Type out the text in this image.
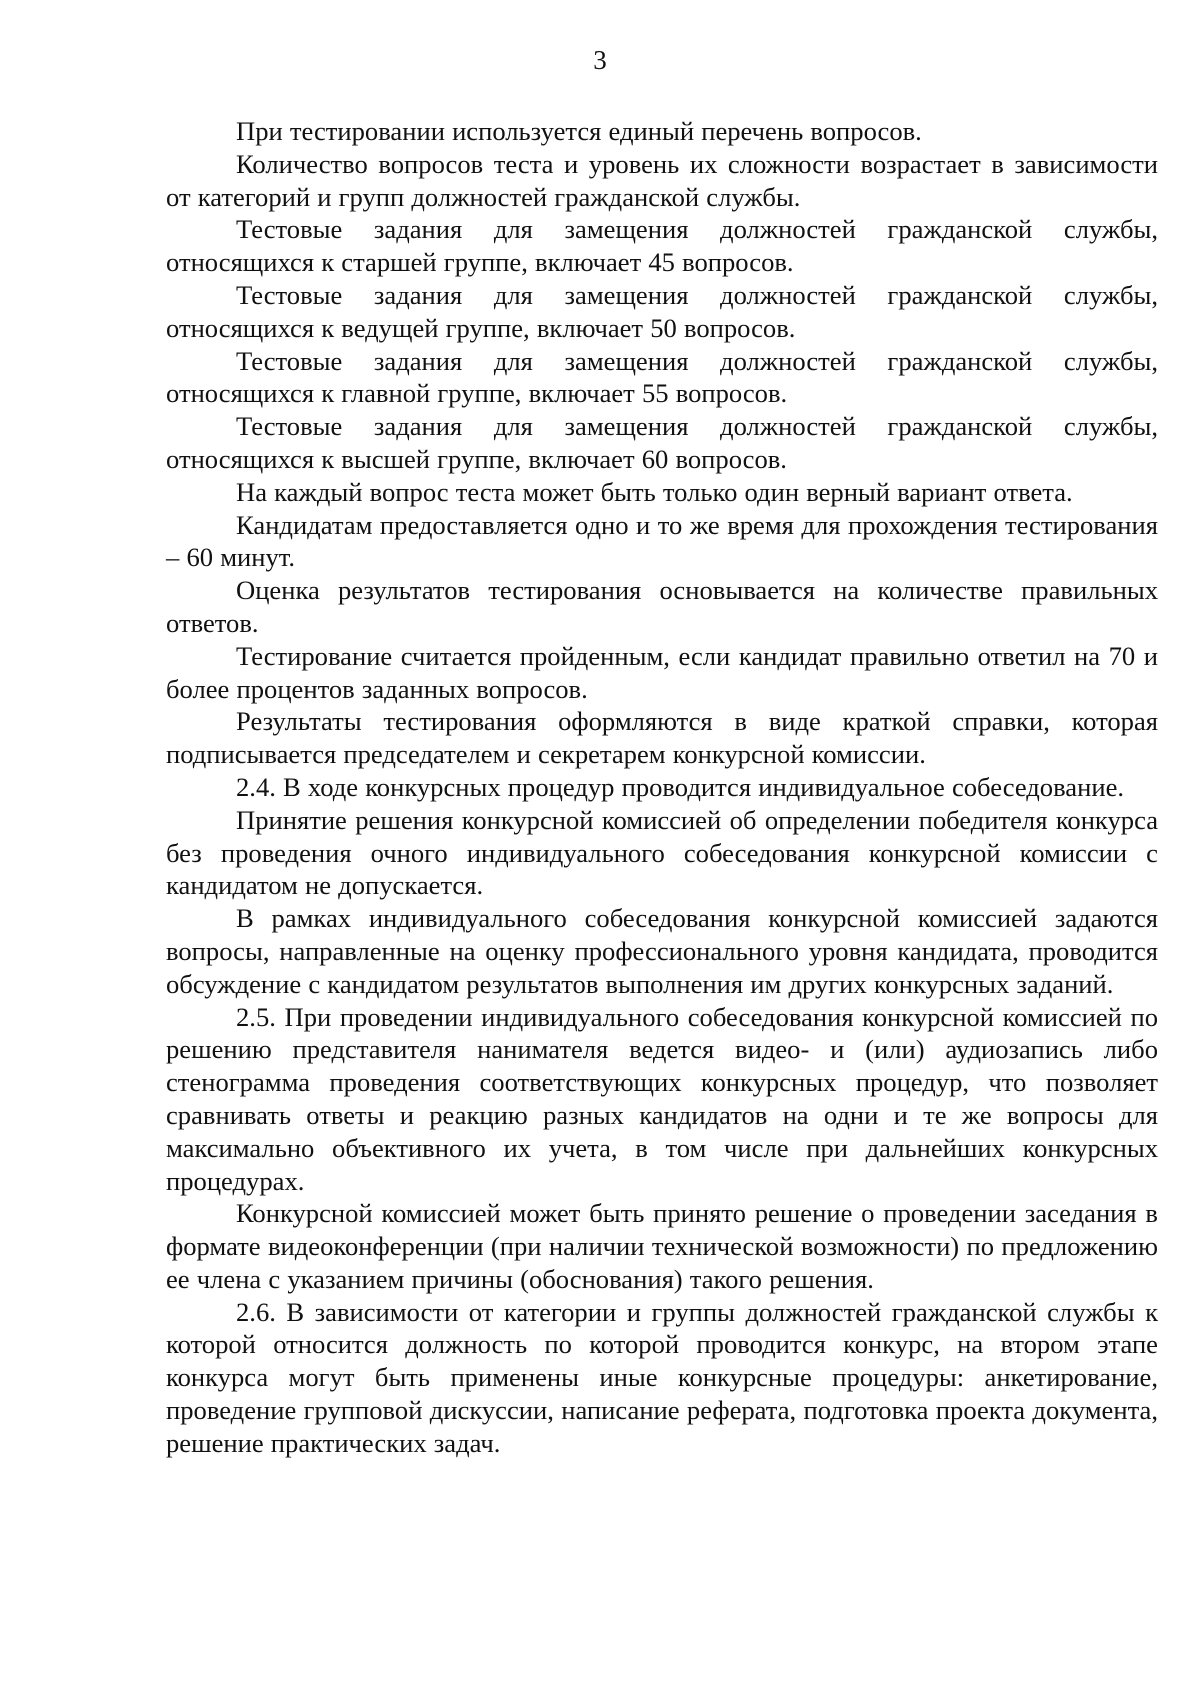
3

При тестировании используется единый перечень вопросов.

Количество вопросов теста и уровень их сложности возрастает в зависимости от категорий и групп должностей гражданской службы.

Тестовые задания для замещения должностей гражданской службы, относящихся к старшей группе, включает 45 вопросов.

Тестовые задания для замещения должностей гражданской службы, относящихся к ведущей группе, включает 50 вопросов.

Тестовые задания для замещения должностей гражданской службы, относящихся к главной группе, включает 55 вопросов.

Тестовые задания для замещения должностей гражданской службы, относящихся к высшей группе, включает 60 вопросов.

На каждый вопрос теста может быть только один верный вариант ответа.

Кандидатам предоставляется одно и то же время для прохождения тестирования – 60 минут.

Оценка результатов тестирования основывается на количестве правильных ответов.

Тестирование считается пройденным, если кандидат правильно ответил на 70 и более процентов заданных вопросов.

Результаты тестирования оформляются в виде краткой справки, которая подписывается председателем и секретарем конкурсной комиссии.

2.4. В ходе конкурсных процедур проводится индивидуальное собеседование.

Принятие решения конкурсной комиссией об определении победителя конкурса без проведения очного индивидуального собеседования конкурсной комиссии с кандидатом не допускается.

В рамках индивидуального собеседования конкурсной комиссией задаются вопросы, направленные на оценку профессионального уровня кандидата, проводится обсуждение с кандидатом результатов выполнения им других конкурсных заданий.

2.5. При проведении индивидуального собеседования конкурсной комиссией по решению представителя нанимателя ведется видео- и (или) аудиозапись либо стенограмма проведения соответствующих конкурсных процедур, что позволяет сравнивать ответы и реакцию разных кандидатов на одни и те же вопросы для максимально объективного их учета, в том числе при дальнейших конкурсных процедурах.

Конкурсной комиссией может быть принято решение о проведении заседания в формате видеоконференции (при наличии технической возможности) по предложению ее члена с указанием причины (обоснования) такого решения.

2.6. В зависимости от категории и группы должностей гражданской службы к которой относится должность по которой проводится конкурс, на втором этапе конкурса могут быть применены иные конкурсные процедуры: анкетирование, проведение групповой дискуссии, написание реферата, подготовка проекта документа, решение практических задач.
